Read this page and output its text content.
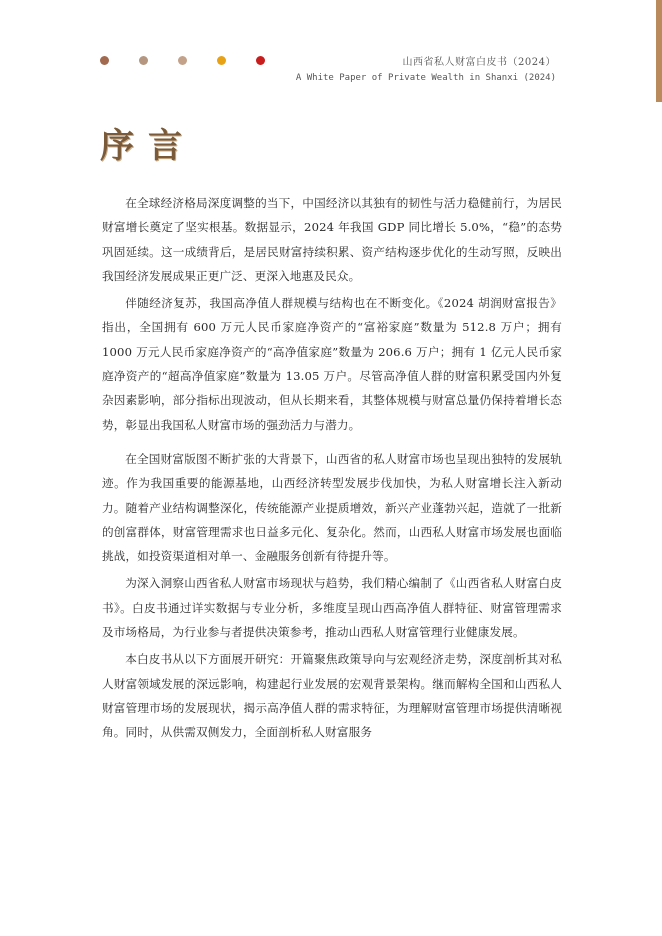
山西省私人财富白皮书（2024）
A White Paper of Private Wealth in Shanxi (2024)
序言

在全球经济格局深度调整的当下，中国经济以其独有的韧性与活力稳健前行，为居民财富增长奠定了坚实根基。数据显示，2024 年我国 GDP 同比增长 5.0%，“稳”的态势巩固延续。这一成绩背后，是居民财富持续积累、资产结构逐步优化的生动写照，反映出我国经济发展成果正更广泛、更深入地惠及民众。

伴随经济复苏，我国高净值人群规模与结构也在不断变化。《2024 胡润财富报告》指出，全国拥有 600 万元人民币家庭净资产的“富裕家庭”数量为 512.8 万户；拥有 1000 万元人民币家庭净资产的“高净值家庭”数量为 206.6 万户；拥有 1 亿元人民币家庭净资产的“超高净值家庭”数量为 13.05 万户。尽管高净值人群的财富积累受国内外复杂因素影响，部分指标出现波动，但从长期来看，其整体规模与财富总量仍保持着增长态势，彰显出我国私人财富市场的强劲活力与潜力。

在全国财富版图不断扩张的大背景下，山西省的私人财富市场也呈现出独特的发展轨迹。作为我国重要的能源基地，山西经济转型发展步伐加快，为私人财富增长注入新动力。随着产业结构调整深化，传统能源产业提质增效，新兴产业蓬勃兴起，造就了一批新的创富群体，财富管理需求也日益多元化、复杂化。然而，山西私人财富市场发展也面临挑战，如投资渠道相对单一、金融服务创新有待提升等。

为深入洞察山西省私人财富市场现状与趋势，我们精心编制了《山西省私人财富白皮书》。白皮书通过详实数据与专业分析，多维度呈现山西高净值人群特征、财富管理需求及市场格局，为行业参与者提供决策参考，推动山西私人财富管理行业健康发展。

本白皮书从以下方面展开研究：开篇聚焦政策导向与宏观经济走势，深度剖析其对私人财富领域发展的深远影响，构建起行业发展的宏观背景架构。继而解构全国和山西私人财富管理市场的发展现状，揭示高净值人群的需求特征，为理解财富管理市场提供清晰视角。同时，从供需双侧发力，全面剖析私人财富服务
